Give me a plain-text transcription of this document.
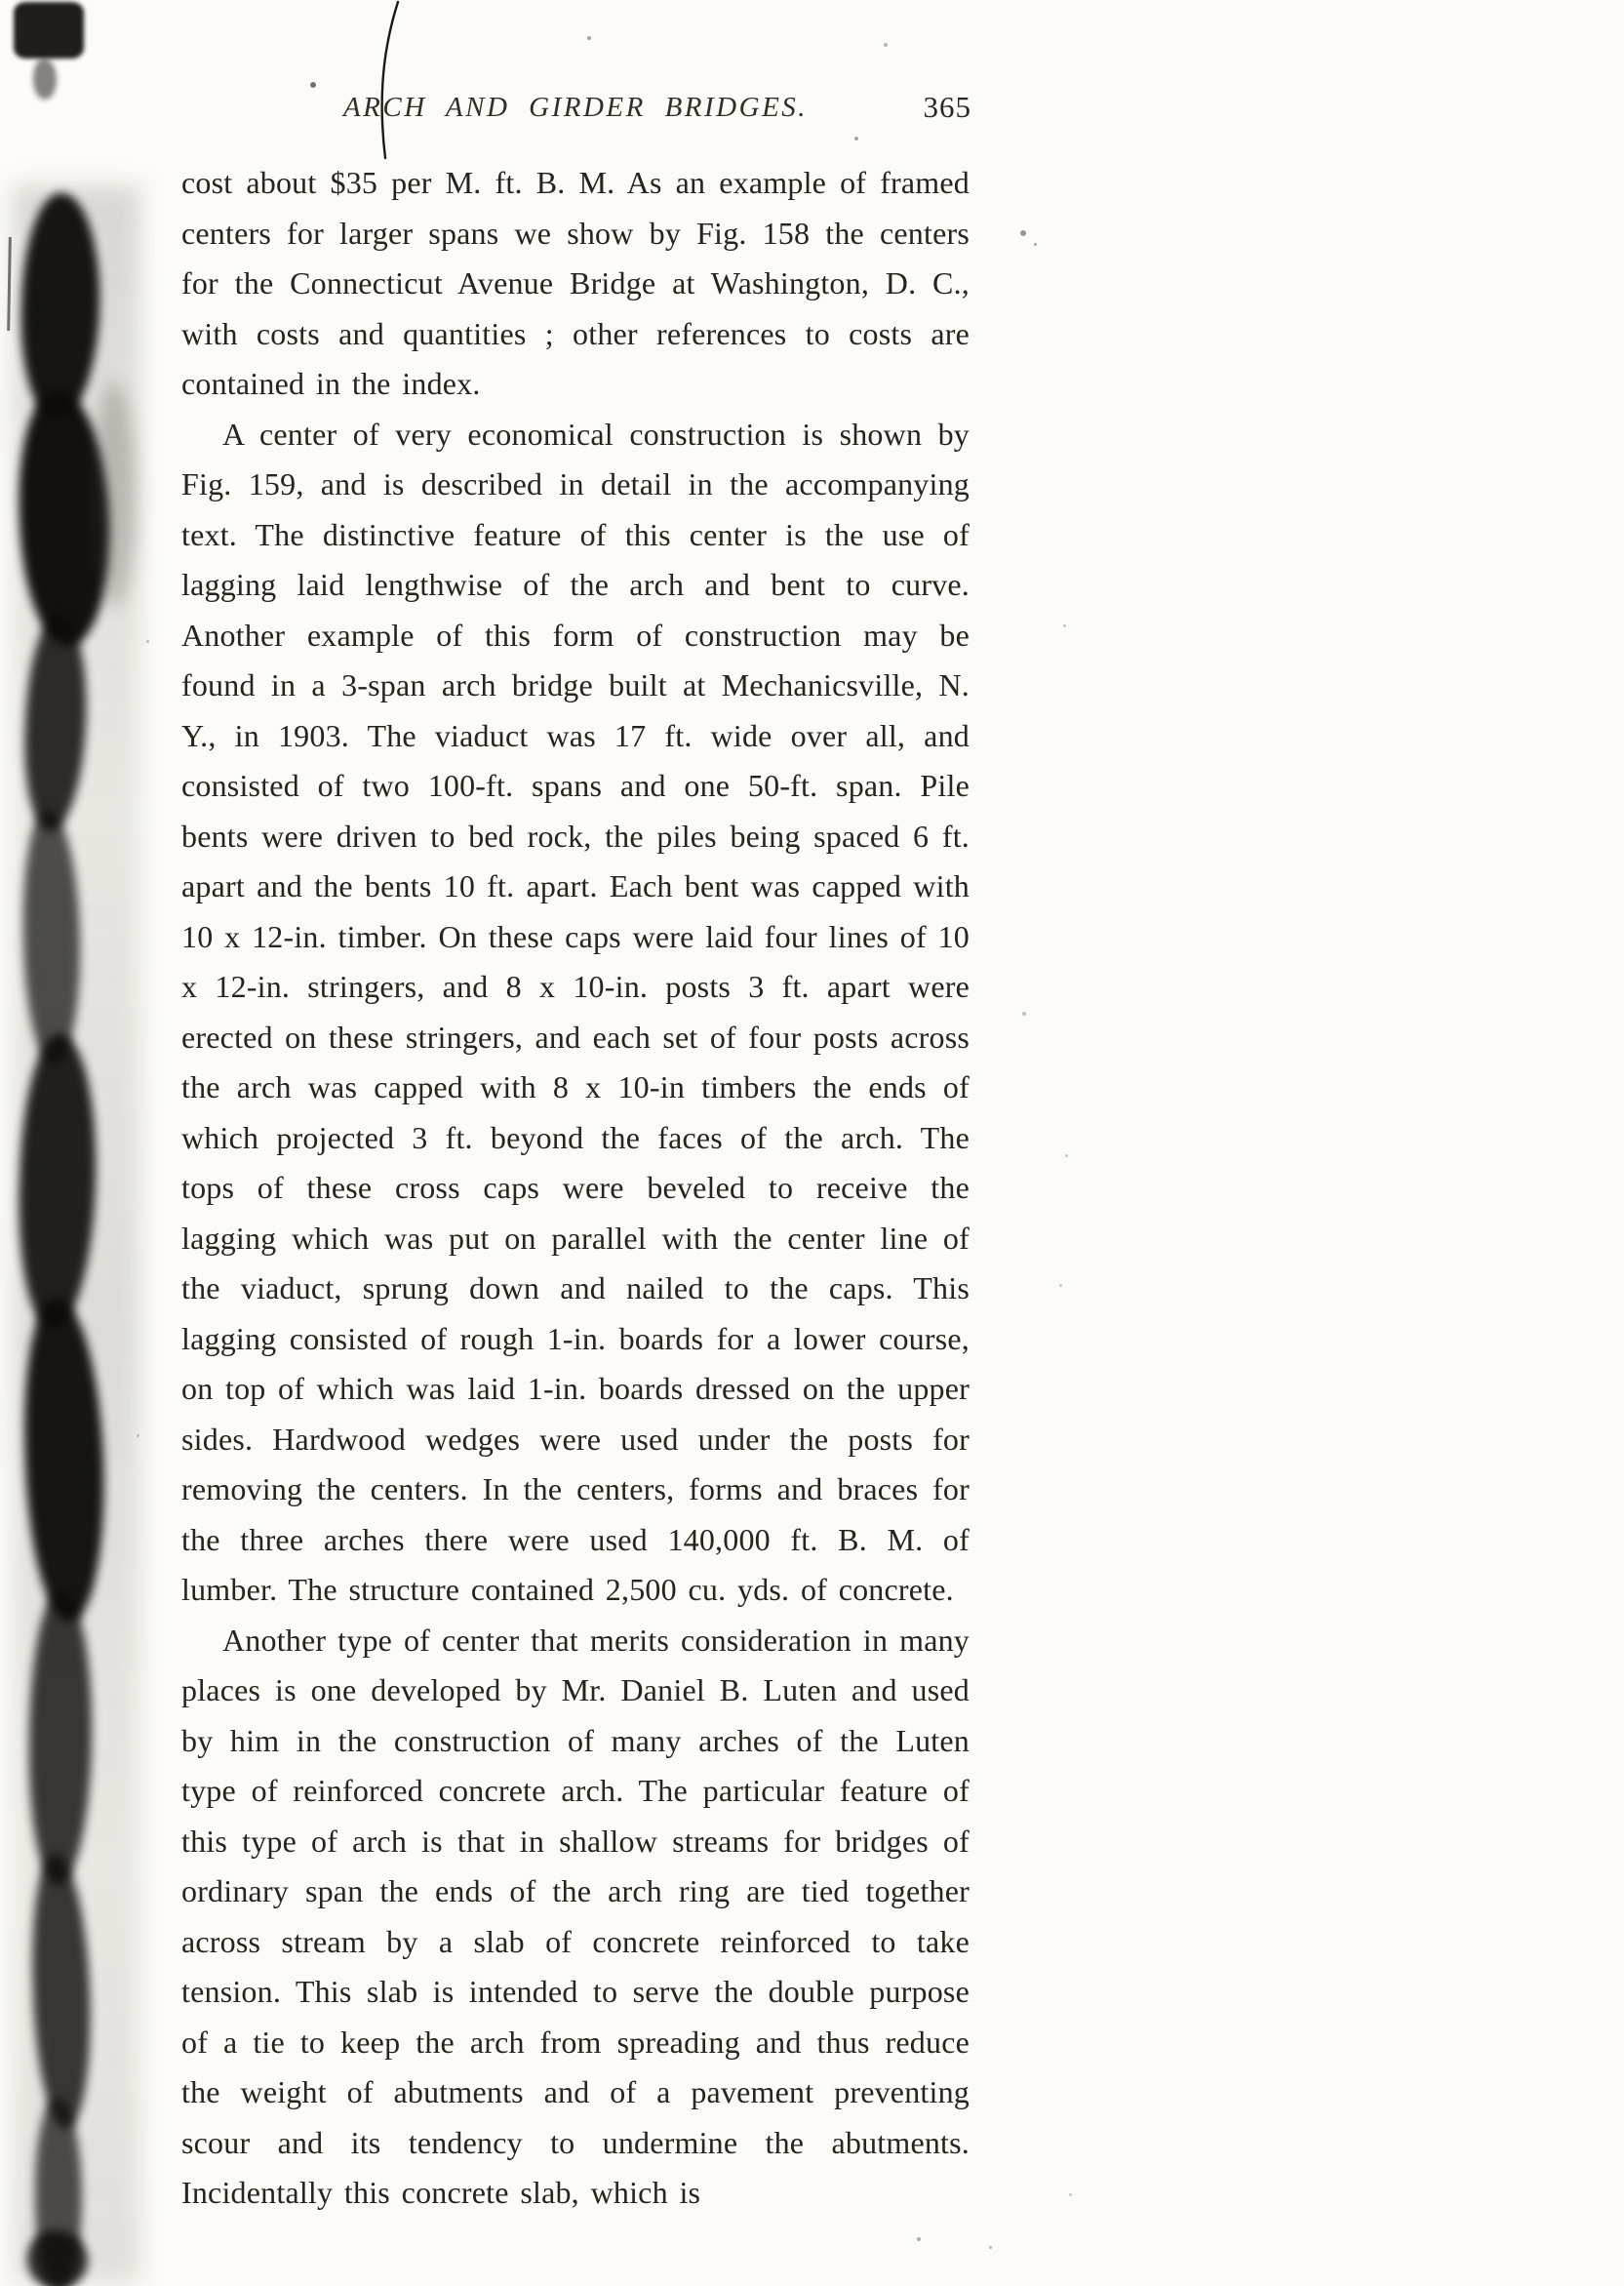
ARCH AND GIRDER BRIDGES.	365

cost about $35 per M. ft. B. M. As an example of framed centers for larger spans we show by Fig. 158 the centers for the Connecticut Avenue Bridge at Washington, D. C., with costs and quantities ; other references to costs are contained in the index.

A center of very economical construction is shown by Fig. 159, and is described in detail in the accompanying text. The distinctive feature of this center is the use of lagging laid lengthwise of the arch and bent to curve. Another example of this form of construction may be found in a 3-span arch bridge built at Mechanicsville, N. Y., in 1903. The viaduct was 17 ft. wide over all, and consisted of two 100-ft. spans and one 50-ft. span. Pile bents were driven to bed rock, the piles being spaced 6 ft. apart and the bents 10 ft. apart. Each bent was capped with 10 x 12-in. timber. On these caps were laid four lines of 10 x 12-in. stringers, and 8 x 10-in. posts 3 ft. apart were erected on these stringers, and each set of four posts across the arch was capped with 8 x 10-in timbers the ends of which projected 3 ft. beyond the faces of the arch. The tops of these cross caps were beveled to receive the lagging which was put on parallel with the center line of the viaduct, sprung down and nailed to the caps. This lagging consisted of rough 1-in. boards for a lower course, on top of which was laid 1-in. boards dressed on the upper sides. Hardwood wedges were used under the posts for removing the centers. In the centers, forms and braces for the three arches there were used 140,000 ft. B. M. of lumber. The structure contained 2,500 cu. yds. of concrete.

Another type of center that merits consideration in many places is one developed by Mr. Daniel B. Luten and used by him in the construction of many arches of the Luten type of reinforced concrete arch. The particular feature of this type of arch is that in shallow streams for bridges of ordinary span the ends of the arch ring are tied together across stream by a slab of concrete reinforced to take tension. This slab is intended to serve the double purpose of a tie to keep the arch from spreading and thus reduce the weight of abutments and of a pavement preventing scour and its tendency to undermine the abutments. Incidentally this concrete slab, which is
